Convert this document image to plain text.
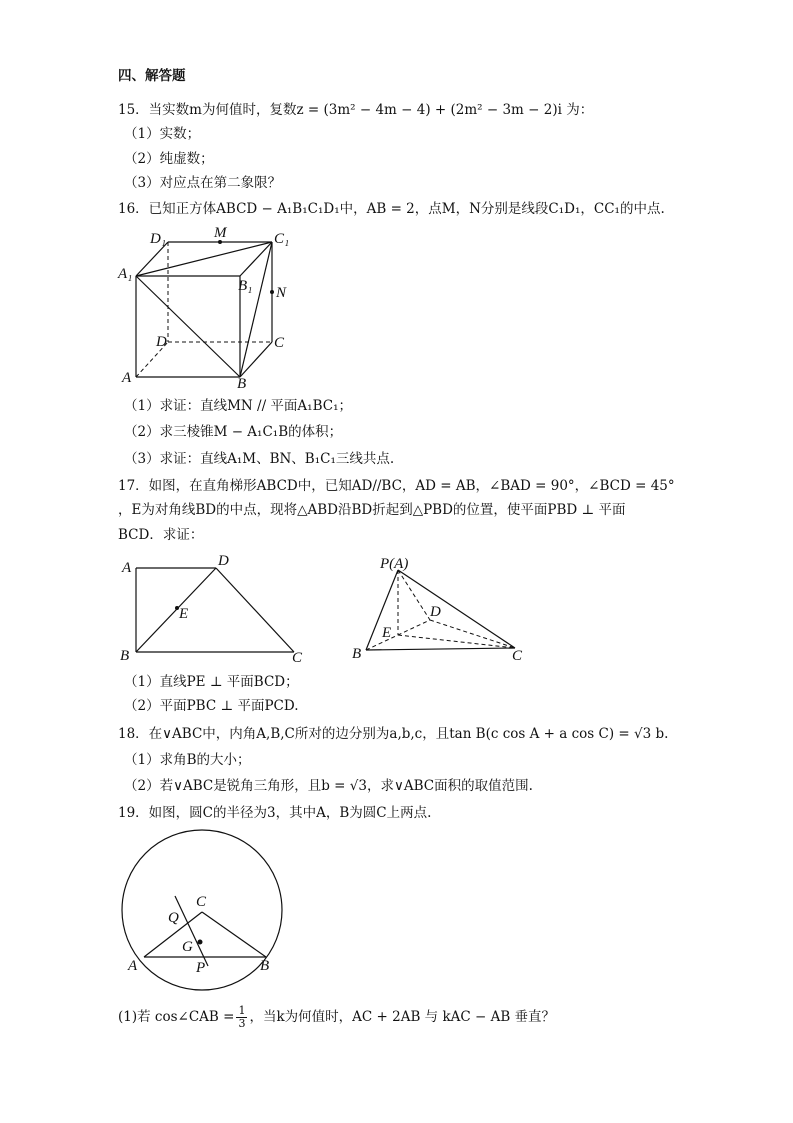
四、解答题
15．当实数m为何值时，复数z = (3m² − 4m − 4) + (2m² − 3m − 2)i 为：
（1）实数；
（2）纯虚数；
（3）对应点在第二象限？
16．已知正方体ABCD − A₁B₁C₁D₁中，AB = 2，点M，N分别是线段C₁D₁，CC₁的中点.
D₁	M	C₁
A₁
B₁ N
D	C
A	B
（1）求证：直线MN // 平面A₁BC₁；
（2）求三棱锥M − A₁C₁B的体积；
（3）求证：直线A₁M、BN、B₁C₁三线共点.
17．如图，在直角梯形ABCD中，已知AD//BC，AD = AB，∠BAD = 90°，∠BCD = 45°
，E为对角线BD的中点，现将△ABD沿BD折起到△PBD的位置，使平面PBD ⊥ 平面
BCD．求证：
A	D
E
B	C
P(A)
D
E
B	C
（1）直线PE ⊥ 平面BCD；
（2）平面PBC ⊥ 平面PCD.
18．在∨ABC中，内角A,B,C所对的边分别为a,b,c，且tan B(c cos A + a cos C) = √3 b.
（1）求角B的大小；
（2）若∨ABC是锐角三角形，且b = √3，求∨ABC面积的取值范围.
19．如图，圆C的半径为3，其中A，B为圆C上两点.
C
Q
G
A	P	B
(1)若 cos∠CAB = $\frac{1}{3}$ ，当k为何值时，AC + 2AB 与 kAC − AB 垂直？
